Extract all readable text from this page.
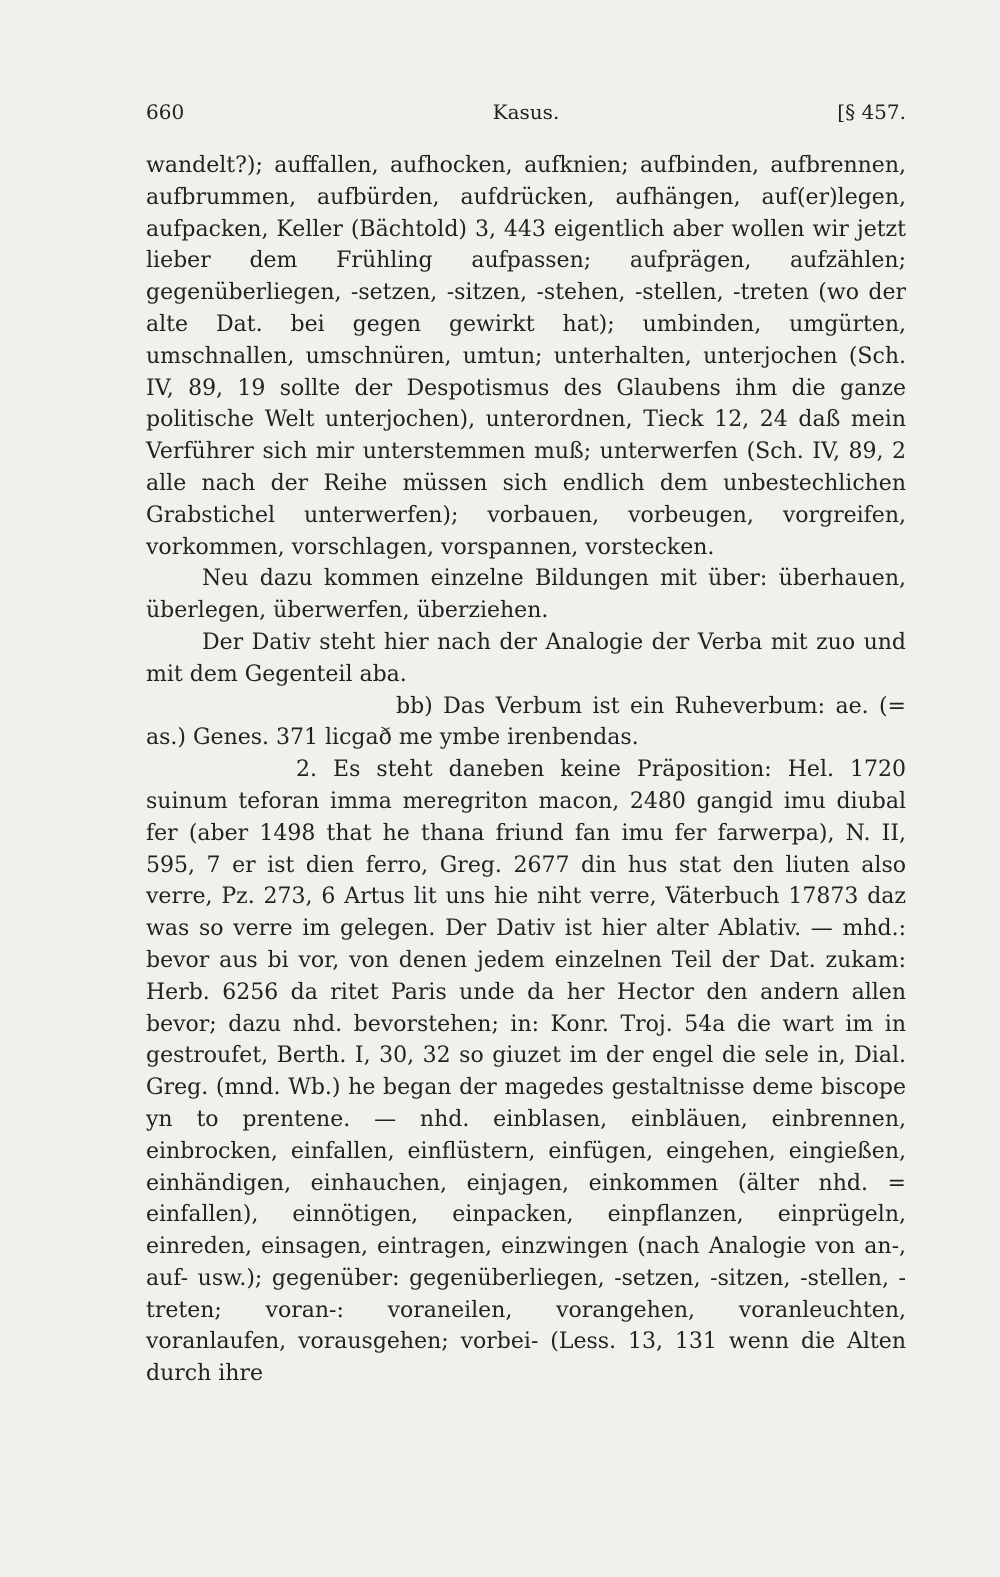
660	Kasus.	[§ 457.

wandelt?); auffallen, aufhocken, aufknien; aufbinden, aufbrennen, aufbrummen, aufbürden, aufdrücken, aufhängen, auf(er)legen, aufpacken, Keller (Bächtold) 3, 443 eigentlich aber wollen wir jetzt lieber dem Frühling aufpassen; aufprägen, aufzählen; gegenüberliegen, -setzen, -sitzen, -stehen, -stellen, -treten (wo der alte Dat. bei gegen gewirkt hat); umbinden, umgürten, umschnallen, umschnüren, umtun; unterhalten, unterjochen (Sch. IV, 89, 19 sollte der Despotismus des Glaubens ihm die ganze politische Welt unterjochen), unterordnen, Tieck 12, 24 daß mein Verführer sich mir unterstemmen muß; unterwerfen (Sch. IV, 89, 2 alle nach der Reihe müssen sich endlich dem unbestechlichen Grabstichel unterwerfen); vorbauen, vorbeugen, vorgreifen, vorkommen, vorschlagen, vorspannen, vorstecken.

Neu dazu kommen einzelne Bildungen mit über: überhauen, überlegen, überwerfen, überziehen.

Der Dativ steht hier nach der Analogie der Verba mit zuo und mit dem Gegenteil aba.

bb) Das Verbum ist ein Ruheverbum: ae. (= as.) Genes. 371 licgað me ymbe irenbendas.

2. Es steht daneben keine Präposition: Hel. 1720 suinum teforan imma meregriton macon, 2480 gangid imu diubal fer (aber 1498 that he thana friund fan imu fer farwerpa), N. II, 595, 7 er ist dien ferro, Greg. 2677 din hus stat den liuten also verre, Pz. 273, 6 Artus lit uns hie niht verre, Väterbuch 17873 daz was so verre im gelegen. Der Dativ ist hier alter Ablativ. — mhd.: bevor aus bi vor, von denen jedem einzelnen Teil der Dat. zukam: Herb. 6256 da ritet Paris unde da her Hector den andern allen bevor; dazu nhd. bevorstehen; in: Konr. Troj. 54a die wart im in gestroufet, Berth. I, 30, 32 so giuzet im der engel die sele in, Dial. Greg. (mnd. Wb.) he began der magedes gestaltnisse deme biscope yn to prentene. — nhd. einblasen, einbläuen, einbrennen, einbrocken, einfallen, einflüstern, einfügen, eingehen, eingießen, einhändigen, einhauchen, einjagen, einkommen (älter nhd. = einfallen), einnötigen, einpacken, einpflanzen, einprügeln, einreden, einsagen, eintragen, einzwingen (nach Analogie von an-, auf- usw.); gegenüber: gegenüberliegen, -setzen, -sitzen, -stellen, -treten; voran-: voraneilen, vorangehen, voranleuchten, voranlaufen, vorausgehen; vorbei- (Less. 13, 131 wenn die Alten durch ihre
